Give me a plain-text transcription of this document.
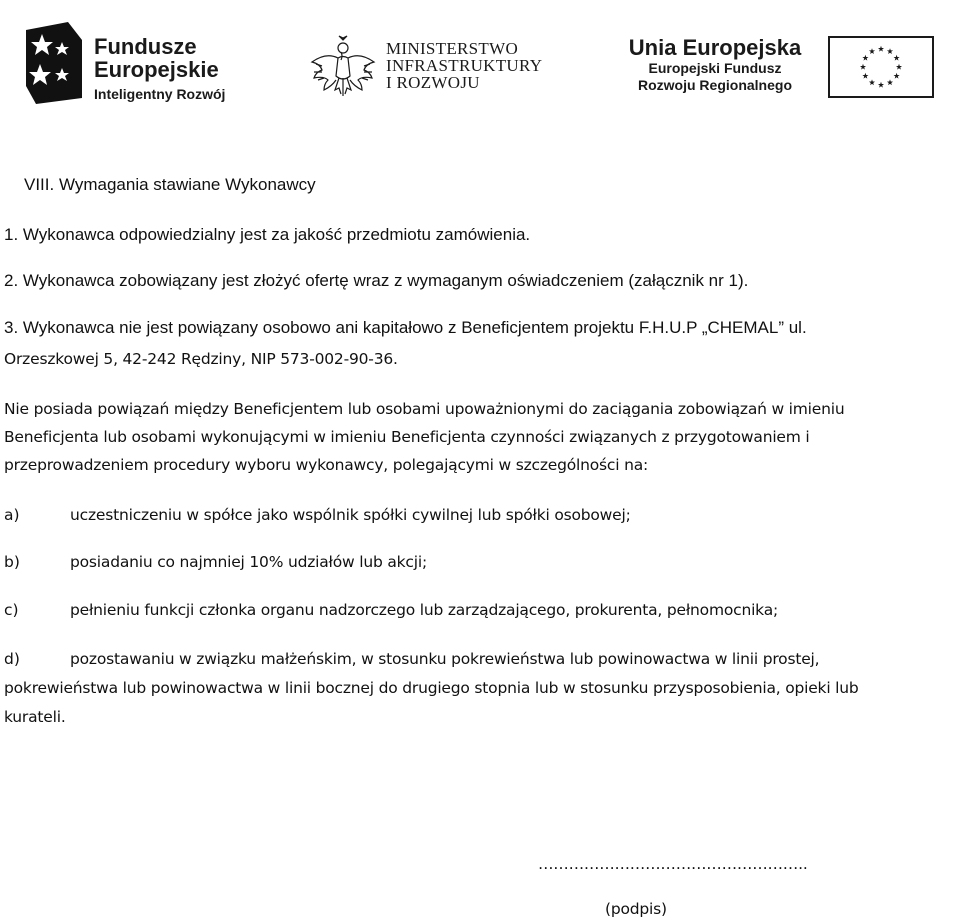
Fundusze
Europejskie
Inteligentny Rozwój
MINISTERSTWO
INFRASTRUKTURY
I ROZWOJU
Unia Europejska
Europejski Fundusz
Rozwoju Regionalnego
VIII. Wymagania stawiane Wykonawcy
1. Wykonawca odpowiedzialny jest za jakość przedmiotu zamówienia.
2. Wykonawca zobowiązany jest złożyć ofertę wraz z wymaganym oświadczeniem (załącznik nr 1).
3. Wykonawca nie jest powiązany osobowo ani kapitałowo z Beneficjentem projektu F.H.U.P „CHEMAL” ul.
Orzeszkowej 5, 42-242 Rędziny, NIP 573-002-90-36.
Nie posiada powiązań między Beneficjentem lub osobami upoważnionymi do zaciągania zobowiązań w imieniu
Beneficjenta lub osobami wykonującymi w imieniu Beneficjenta czynności związanych z przygotowaniem i
przeprowadzeniem procedury wyboru wykonawcy, polegającymi w szczególności na:
a)	uczestniczeniu w spółce jako wspólnik spółki cywilnej lub spółki osobowej;
b)	posiadaniu co najmniej 10% udziałów lub akcji;
c)	pełnieniu funkcji członka organu nadzorczego lub zarządzającego, prokurenta, pełnomocnika;
d)	pozostawaniu w związku małżeńskim, w stosunku pokrewieństwa lub powinowactwa w linii prostej,
pokrewieństwa lub powinowactwa w linii bocznej do drugiego stopnia lub w stosunku przysposobienia, opieki lub
kurateli.
……………………………………………..
(podpis)
